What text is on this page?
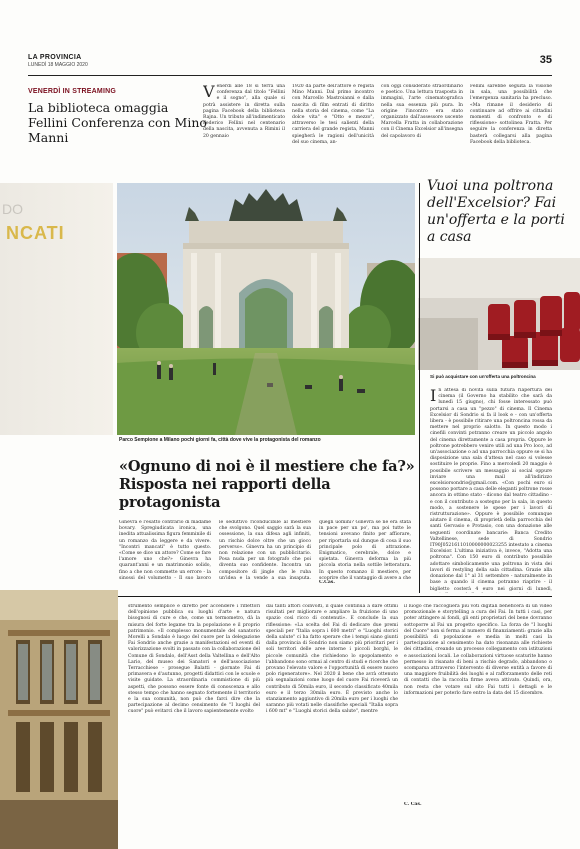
LA PROVINCIA
LUNEDÌ 18 MAGGIO 2020	35
VENERDÌ IN STREAMING
La biblioteca omaggia Fellini Conferenza con Mino Manni
Venerdì alle 18 si terrà una conferenza dal titolo "Fellini e il sogno", alla quale si potrà assistere in diretta sulla pagina Facebook della biblioteca Rajna. Un tributo all'indimenticato Federico Fellini nel centenario della nascita, avvenuta a Rimini il 20 gennaio
1920 da parte dell'attore e regista Mino Manni. Dal primo incontro con Marcello Mastroianni e dalla nascita di film entrati di diritto nella storia del cinema, come "La dolce vita" e "Otto e mezzo", attraverso le tesi salienti della carriera del grande regista, Manni spiegherà le ragioni dell'unicità del suo cinema, an-
con oggi considerato straordinario e poetico. Una lettura trasposta in immagini, l'arte cinematografica nella sua essenza più pura. In origine l'incontro era stato organizzato dall'assessore uscente Marcella Fratta in collaborazione con il Cinema Excelsior all'insegna del capolavoro di
Fellini sarebbe seguita la visione in sala, una possibilità che l'emergenza sanitaria ha precluso. «Ma rimane il desiderio di continuare ad offrire ai cittadini momenti di confronto e di riflessione» sottolinea Fratta. Per seguire la conferenza in diretta basterà collegarsi alla pagina Facebook della biblioteca.
DO
NCATI
Parco Sempione a Milano pochi giorni fa, città dove vive la protagonista del romanzo
«Ognuno di noi è il mestiere che fa?» Risposta nei rapporti della protagonista
Ginevra è l'esatto contrario di madame bovary. Spregiudicata ironica, una inedita attualissima figura femminile di un romanzo da leggere e da vivere. "Incontri mancati" è tutto questo. «Come se dice un attore? Come se fare l'amore uno che?» Ginevra ha quarant'anni e un matrimonio solido, fino a che non commette un errore - la sinossi del volumetto - Il suo lavoro
le seduttivo riconducibile al mestiere che svolgono. Quel saggio sarà la sua ossessione, la sua difesa agli infiniti, un rischio dolce oltre che un gioco perverso». Ginevra ha un principio di non relazione con un pubblicitario. Posa nuda per un fotografo che poi diventa suo confidente. Incontra un compositore di jingle che le ruba un'idea e la vende a sua insaputa.
quegli uomini? Ginevra se ne era stata in pace per un po', ma poi tutte le tensioni avevano finito per affiorare, per riportarla sul dunque di cosa il suo principale polo di attrazione. Enigmatico, cerebrale, dolce e spietata. Ginevra deforma la più piccola storia nella sottile letteratura. In questo romanzo il mestiere, per scoprire che il vantaggio di avere a che
C.Cas.
Vuoi una poltrona dell'Excelsior? Fai un'offerta e la porti a casa
Si può acquistare con un'offerta una poltroncina
In attesa di novità sulla futura riapertura dei cinema (il Governo ha stabilito che sarà da lunedì 15 giugno), chi fosse interessato può portarsi a casa un "pezzo" di cinema. Il Cinema Excelsior di Sondrio si fa il look e - con un'offerta libera - è possibile ritirare una poltroncina rossa da mettere nel proprio salotto. In questo modo i cinefili convinti potranno creare un piccolo angolo del cinema direttamente a casa propria. Oppure le poltrone potrebbero venire utili ad una Pro loco, ad un'associazione o ad una parrocchia oppure se si ha disposizione una sala d'attesa nel caso si volesse sostituire le proprie. Fino a mercoledì 20 maggio è possibile scrivere un messaggio ai social oppure inviare una mail all'indirizzo excelsiorsondrio@gmail.com. «Con pochi euro si possono portare a casa delle eleganti poltrone rosse ancora in ottimo stato - dicono dal teatro cittadino - e con il contributo a sostegno per la sala, in questo modo, a sostenere le spese per i lavori di ristrutturazione». Oppure è possibile comunque aiutare il cinema, di proprietà della parrocchia del santi Gervasio e Protasio, con una donazione alle seguenti coordinate bancarie: Banca Credito Valtellinese, sede di Sondrio IT90J0521611010000000023255 intestato a cinema Excelsior. L'ultima iniziativa è, invece, "Adotta una poltrona". Con 150 euro di contributo possibile adottare simbolicamente una poltrona in vista dei lavori di restyling della sala cittadina. Grazie alla donazione dal 1° al 31 settembre - naturalmente in base a quando il cinema potranno riaprire - il biglietto costerà 4 euro nei giorni di lunedì,
strumento semplice e diretto per accendere i riflettori dell'opinione pubblica su luoghi d'arte e natura bisognosi di cure e che, come un termometro, dà la misura del forte legame tra la popolazione e il proprio patrimonio. «Il complesso monumentale del sanatorio Morelli a Sondalo è luogo del cuore per la delegazione Fai Sondrio anche grazie a manifestazioni ed eventi di valorizzazione svolti in passato con la collaborazione del Comune di Sondalo, dell'Asst della Valtellina e dell'Alto Lario, del museo dei Sanatori e dell'associazione Terracchiese - prosegue Balatti - giornate Fai di primavera e d'autunno, progetti didattici con le scuole e visite guidate. La straordinaria commistione di più aspetti, che possono essere fonte di conoscenza e allo stesso tempo che hanno segnato fortemente il territorio e la sua comunità, non può che farci dire che la partecipazione al decimo censimento de "I luoghi del cuore" può evitarci che il lavoro sapientemente svolto
dai tanti attori coinvolti, il quale continua a dare ottimi risultati per migliorare e ampliare la fruizione di uno spazio così ricco di contenuti». E conclude la sua riflessione: «La scelta del Fai di dedicare due premi speciali per "Italia sopra i 600 metri" e "Luoghi storici della salute" ci ha fatto sperare che i tempi siano giunti dalla provincia di Sondrio non siamo più prioritari per i soli territori delle aree interne i piccoli borghi, le piccole comunità che richiedono lo spopolamento e l'abbandono sono ormai al centro di studi e ricerche che provano l'elevato valore e l'opportunità di essere nuovo polo rigeneratore». Nel 2020 il bene che avrà ottenuto più segnalazioni come luogo del cuore Fai riceverà un contributo di 50mila euro, il secondo classificato 40mila euro e il terzo 30mila euro. È previsto anche lo stanziamento aggiuntivo di 20mila euro per i luoghi che saranno più votati nelle classifiche speciali "Italia sopra i 600 mt" e "Luoghi storici della salute", mentre
il luogo che raccoglierà più voti digitali beneficerà di un video promozionale e storytelling a cura del Fai. In tutti i casi, per poter attingere ai fondi, gli enti proprietari del bene dovranno sottoporre al Fai un progetto specifico. La forza de "I luoghi del Cuore" non si ferma al numero di finanziamenti: grazie alla possibilità di popolazione e media in molti casi la partecipazione al censimento ha dato risonanza alle richieste dei cittadini, creando un processo collegamento con istituzioni e associazioni locali. Le collaborazioni virtuose scaturite hanno permesso in risanato di beni a rischio degrado, abbandono o scomparsa attraverso l'intervento di diverse entità a favore di una maggiore fruibilità dei luoghi e al rafforzamento delle reti di contatti che la raccolta firme aveva attivato. Quindi, ora, non resta che votare sul sito Fai tutti i dettagli e le informazioni per poterlo fare entro la data del 15 dicembre.
C. Cas.
